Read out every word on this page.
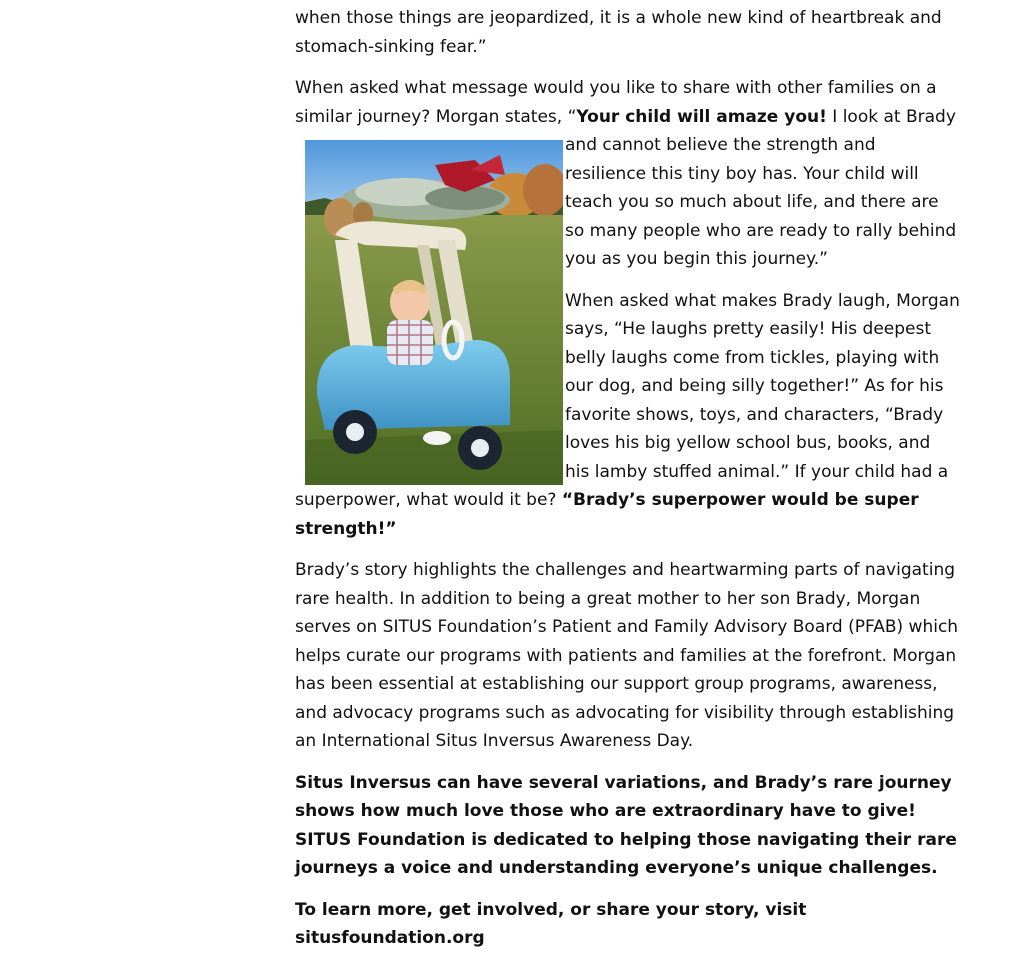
when those things are jeopardized, it is a whole new kind of heartbreak and stomach-sinking fear.”

When asked what message would you like to share with other families on a similar journey? Morgan states, “Your child will amaze you!
I look at Brady and cannot believe the strength and resilience this tiny boy has. Your child will teach you so much about life, and there are so many people who are ready to rally behind you as you begin this journey.”

When asked what makes Brady laugh, Morgan says, “He laughs pretty easily! His deepest belly laughs come from tickles, playing with our dog, and being silly together!” As for his favorite shows, toys, and characters, “Brady loves his big yellow school bus, books, and his lamby stuffed animal.” If your child had a superpower, what would it be? “Brady’s superpower would be super strength!”

Brady’s story highlights the challenges and heartwarming parts of navigating rare health. In addition to being a great mother to her son Brady, Morgan serves on SITUS Foundation’s Patient and Family Advisory Board (PFAB) which helps curate our programs with patients and families at the forefront. Morgan has been essential at establishing our support group programs, awareness, and advocacy programs such as advocating for visibility through establishing an International Situs Inversus Awareness Day.

Situs Inversus can have several variations, and Brady’s rare journey shows how much love those who are extraordinary have to give! SITUS Foundation is dedicated to helping those navigating their rare journeys a voice and understanding everyone’s unique challenges.

To learn more, get involved, or share your story, visit situsfoundation.org
